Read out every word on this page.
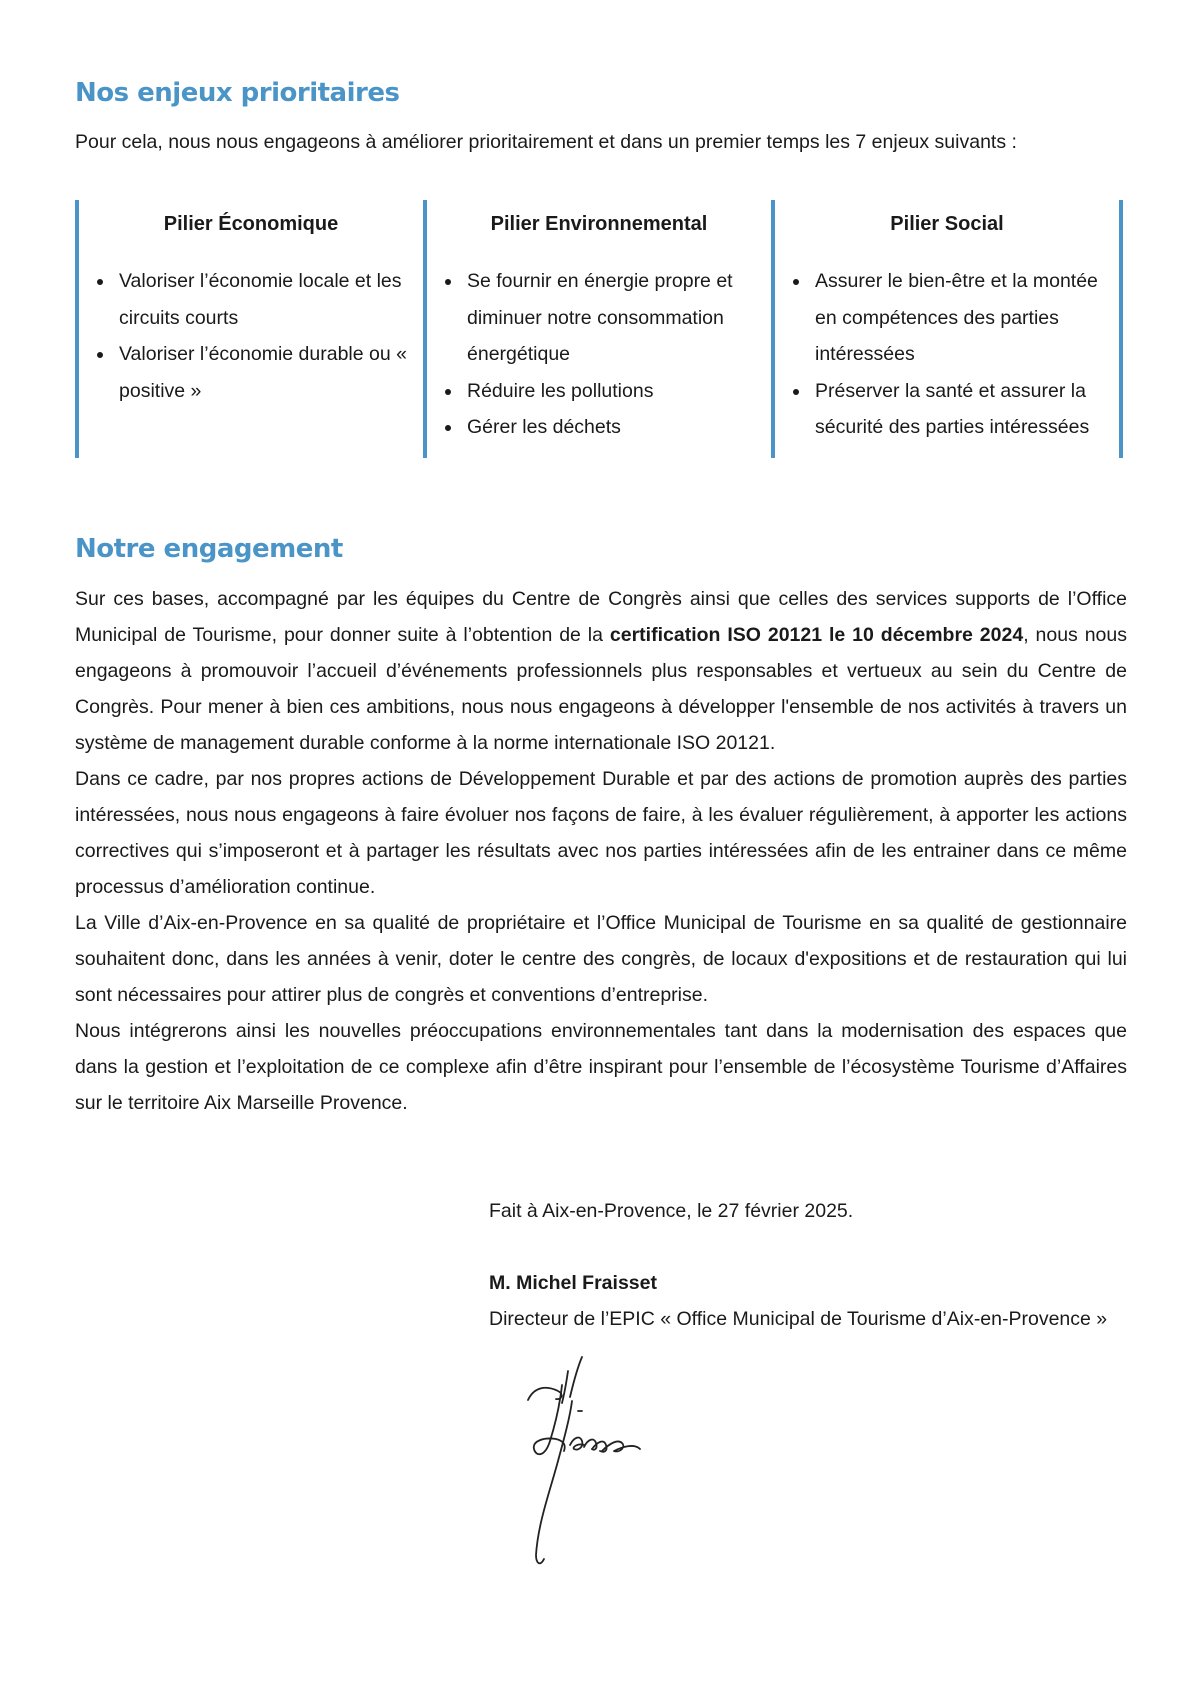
Nos enjeux prioritaires

Pour cela, nous nous engageons à améliorer prioritairement et dans un premier temps les 7 enjeux suivants :

Pilier Économique

Valoriser l’économie locale et les circuits courts
Valoriser l’économie durable ou « positive »

Pilier Environnemental

Se fournir en énergie propre et diminuer notre consommation énergétique
Réduire les pollutions
Gérer les déchets

Pilier Social

Assurer le bien-être et la montée en compétences des parties intéressées
Préserver la santé et assurer la sécurité des parties intéressées
Notre engagement

Sur ces bases, accompagné par les équipes du Centre de Congrès ainsi que celles des services supports de l’Office Municipal de Tourisme, pour donner suite à l’obtention de la certification ISO 20121 le 10 décembre 2024, nous nous engageons à promouvoir l’accueil d’événements professionnels plus responsables et vertueux au sein du Centre de Congrès. Pour mener à bien ces ambitions, nous nous engageons à développer l'ensemble de nos activités à travers un système de management durable conforme à la norme internationale ISO 20121.

Dans ce cadre, par nos propres actions de Développement Durable et par des actions de promotion auprès des parties intéressées, nous nous engageons à faire évoluer nos façons de faire, à les évaluer régulièrement, à apporter les actions correctives qui s’imposeront et à partager les résultats avec nos parties intéressées afin de les entrainer dans ce même processus d’amélioration continue.

La Ville d’Aix-en-Provence en sa qualité de propriétaire et l’Office Municipal de Tourisme en sa qualité de gestionnaire souhaitent donc, dans les années à venir, doter le centre des congrès, de locaux d'expositions et de restauration qui lui sont nécessaires pour attirer plus de congrès et conventions d’entreprise.

Nous intégrerons ainsi les nouvelles préoccupations environnementales tant dans la modernisation des espaces que dans la gestion et l’exploitation de ce complexe afin d’être inspirant pour l’ensemble de l’écosystème Tourisme d’Affaires sur le territoire Aix Marseille Provence.

Fait à Aix-en-Provence, le 27 février 2025.

M. Michel Fraisset

Directeur de l’EPIC « Office Municipal de Tourisme d’Aix-en-Provence »
